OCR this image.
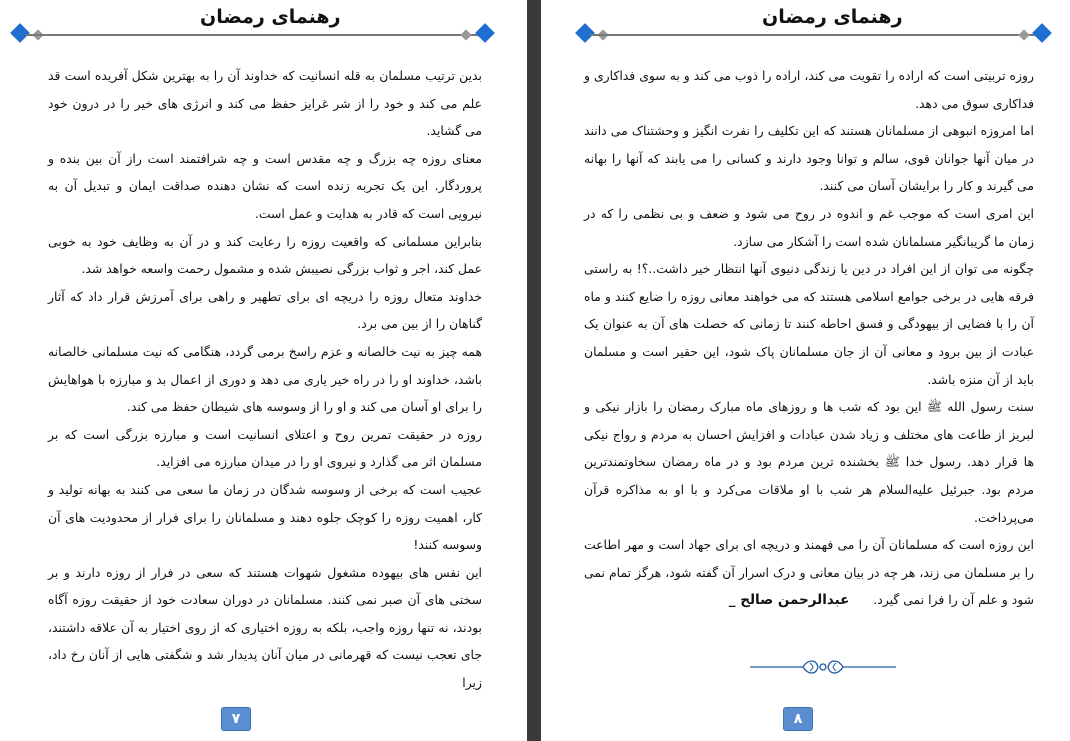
رهنمای رمضان

بدین ترتیب مسلمان به قله انسانیت که خداوند آن را به بهترین شکل آفریده است قد علم می کند و خود را از شر غرایز حفظ می کند و انرژی های خیر را در درون خود می گشاید.

معنای روزه چه بزرگ و چه مقدس است و چه شرافتمند است راز آن بین بنده و پروردگار. این یک تجربه زنده است که نشان دهنده صداقت ایمان و تبدیل آن به نیرویی است که قادر به هدایت و عمل است.

بنابراین مسلمانی که واقعیت روزه را رعایت کند و در آن به وظایف خود به خوبی عمل کند، اجر و ثواب بزرگی نصیبش شده و مشمول رحمت واسعه خواهد شد.

خداوند متعال روزه را دریچه ای برای تطهیر و راهی برای آمرزش قرار داد که آثار گناهان را از بین می برد.

همه چیز به نیت خالصانه و عزم راسخ برمی گردد، هنگامی که نیت مسلمانی خالصانه باشد، خداوند او را در راه خیر یاری می دهد و دوری از اعمال بد و مبارزه با هواهایش را برای او آسان می کند و او را از وسوسه های شیطان حفظ می کند.

روزه در حقیقت تمرین روح و اعتلای انسانیت است و مبارزه بزرگی است که بر مسلمان اثر می گذارد و نیروی او را در میدان مبارزه می افزاید.

عجیب است که برخی از وسوسه شدگان در زمان ما سعی می کنند به بهانه تولید و کار، اهمیت روزه را کوچک جلوه دهند و مسلمانان را برای فرار از محدودیت های آن وسوسه کنند!

این نفس های بیهوده مشغول شهوات هستند که سعی در فرار از روزه دارند و بر سختی های آن صبر نمی کنند. مسلمانان در دوران سعادت خود از حقیقت روزه آگاه بودند، نه تنها روزه واجب، بلکه به روزه اختیاری که از روی اختیار به آن علاقه داشتند، جای تعجب نیست که قهرمانی در میان آنان پدیدار شد و شگفتی هایی از آنان رخ داد، زیرا

۷
رهنمای رمضان

روزه تربیتی است که اراده را تقویت می کند، اراده را ذوب می کند و به سوی فداکاری و فداکاری سوق می دهد.

اما امروزه انبوهی از مسلمانان هستند که این تکلیف را نفرت انگیز و وحشتناک می دانند در میان آنها جوانان قوی، سالم و توانا وجود دارند و کسانی را می یابند که آنها را بهانه می گیرند و کار را برایشان آسان می کنند.

این امری است که موجب غم و اندوه در روح می شود و ضعف و بی نظمی را که در زمان ما گریبانگیر مسلمانان شده است را آشکار می سازد.

چگونه می توان از این افراد در دین یا زندگی دنیوی آنها انتظار خیر داشت..؟! به راستی فرقه هایی در برخی جوامع اسلامی هستند که می خواهند معانی روزه را ضایع کنند و ماه آن را با فضایی از بیهودگی و فسق احاطه کنند تا زمانی که خصلت های آن به عنوان یک عبادت از بین برود و معانی آن از جان مسلمانان پاک شود، این حقیر است و مسلمان باید از آن منزه باشد.

سنت رسول الله ﷺ این بود که شب ها و روزهای ماه مبارک رمضان را بازار نیکی و لبریز از طاعت های مختلف و زیاد شدن عبادات و افزایش احسان به مردم و رواج نیکی ها قرار دهد. رسول خدا ﷺ بخشنده ترین مردم بود و در ماه رمضان سخاوتمندترین مردم بود. جبرئیل علیه‌السلام هر شب با او ملاقات می‌کرد و با او به مذاکره قرآن می‌پرداخت.

این روزه است که مسلمانان آن را می فهمند و دریچه ای برای جهاد است و مهر اطاعت را بر مسلمان می زند، هر چه در بیان معانی و درک اسرار آن گفته شود، هرگز تمام نمی شود و علم آن را فرا نمی گیرد. عبدالرحمن صالح _

۸
